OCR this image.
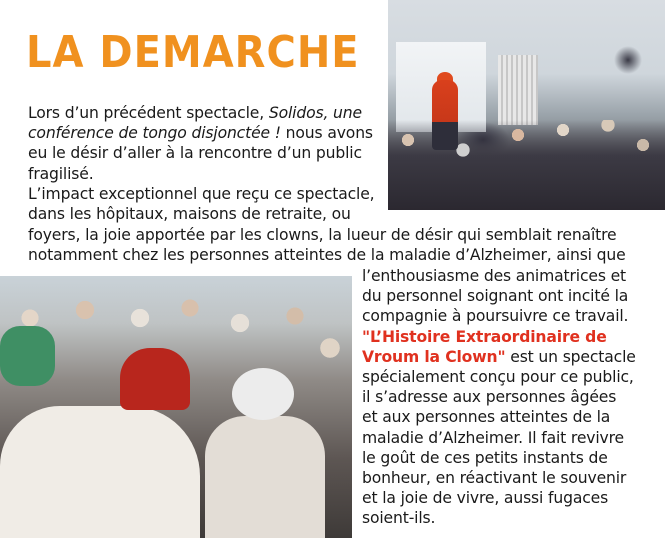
LA DEMARCHE
Lors d’un précédent spectacle, Solidos, une
conférence de tongo disjonctée ! nous avons
eu le désir d’aller à la rencontre d’un public
fragilisé.
L’impact exceptionnel que reçu ce spectacle,
dans les hôpitaux, maisons de retraite, ou
foyers, la joie apportée par les clowns, la lueur de désir qui semblait renaître
notamment chez les personnes atteintes de la maladie d’Alzheimer, ainsi que
l’enthousiasme des animatrices et
du personnel soignant ont incité la
compagnie à poursuivre ce travail.
"L’Histoire Extraordinaire de
Vroum la Clown" est un spectacle
spécialement conçu pour ce public,
il s’adresse aux personnes âgées
et aux personnes atteintes de la
maladie d’Alzheimer. Il fait revivre
le goût de ces petits instants de
bonheur, en réactivant le souvenir
et la joie de vivre, aussi fugaces
soient-ils.
